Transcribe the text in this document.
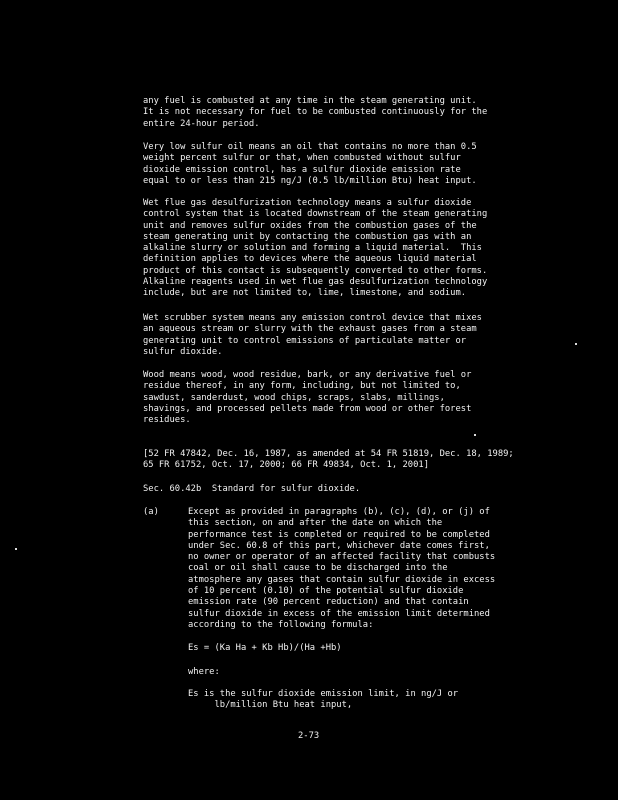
any fuel is combusted at any time in the steam generating unit.
It is not necessary for fuel to be combusted continuously for the
entire 24-hour period.
Very low sulfur oil means an oil that contains no more than 0.5
weight percent sulfur or that, when combusted without sulfur
dioxide emission control, has a sulfur dioxide emission rate
equal to or less than 215 ng/J (0.5 lb/million Btu) heat input.
Wet flue gas desulfurization technology means a sulfur dioxide
control system that is located downstream of the steam generating
unit and removes sulfur oxides from the combustion gases of the
steam generating unit by contacting the combustion gas with an
alkaline slurry or solution and forming a liquid material.  This
definition applies to devices where the aqueous liquid material
product of this contact is subsequently converted to other forms.
Alkaline reagents used in wet flue gas desulfurization technology
include, but are not limited to, lime, limestone, and sodium.
Wet scrubber system means any emission control device that mixes
an aqueous stream or slurry with the exhaust gases from a steam
generating unit to control emissions of particulate matter or
sulfur dioxide.
Wood means wood, wood residue, bark, or any derivative fuel or
residue thereof, in any form, including, but not limited to,
sawdust, sanderdust, wood chips, scraps, slabs, millings,
shavings, and processed pellets made from wood or other forest
residues.
[52 FR 47842, Dec. 16, 1987, as amended at 54 FR 51819, Dec. 18, 1989;
65 FR 61752, Oct. 17, 2000; 66 FR 49834, Oct. 1, 2001]
Sec. 60.42b  Standard for sulfur dioxide.
(a)	Except as provided in paragraphs (b), (c), (d), or (j) of
this section, on and after the date on which the
performance test is completed or required to be completed
under Sec. 60.8 of this part, whichever date comes first,
no owner or operator of an affected facility that combusts
coal or oil shall cause to be discharged into the
atmosphere any gases that contain sulfur dioxide in excess
of 10 percent (0.10) of the potential sulfur dioxide
emission rate (90 percent reduction) and that contain
sulfur dioxide in excess of the emission limit determined
according to the following formula:
Es = (Ka Ha + Kb Hb)/(Ha +Hb)
where:
Es is the sulfur dioxide emission limit, in ng/J or
lb/million Btu heat input,
2-73
